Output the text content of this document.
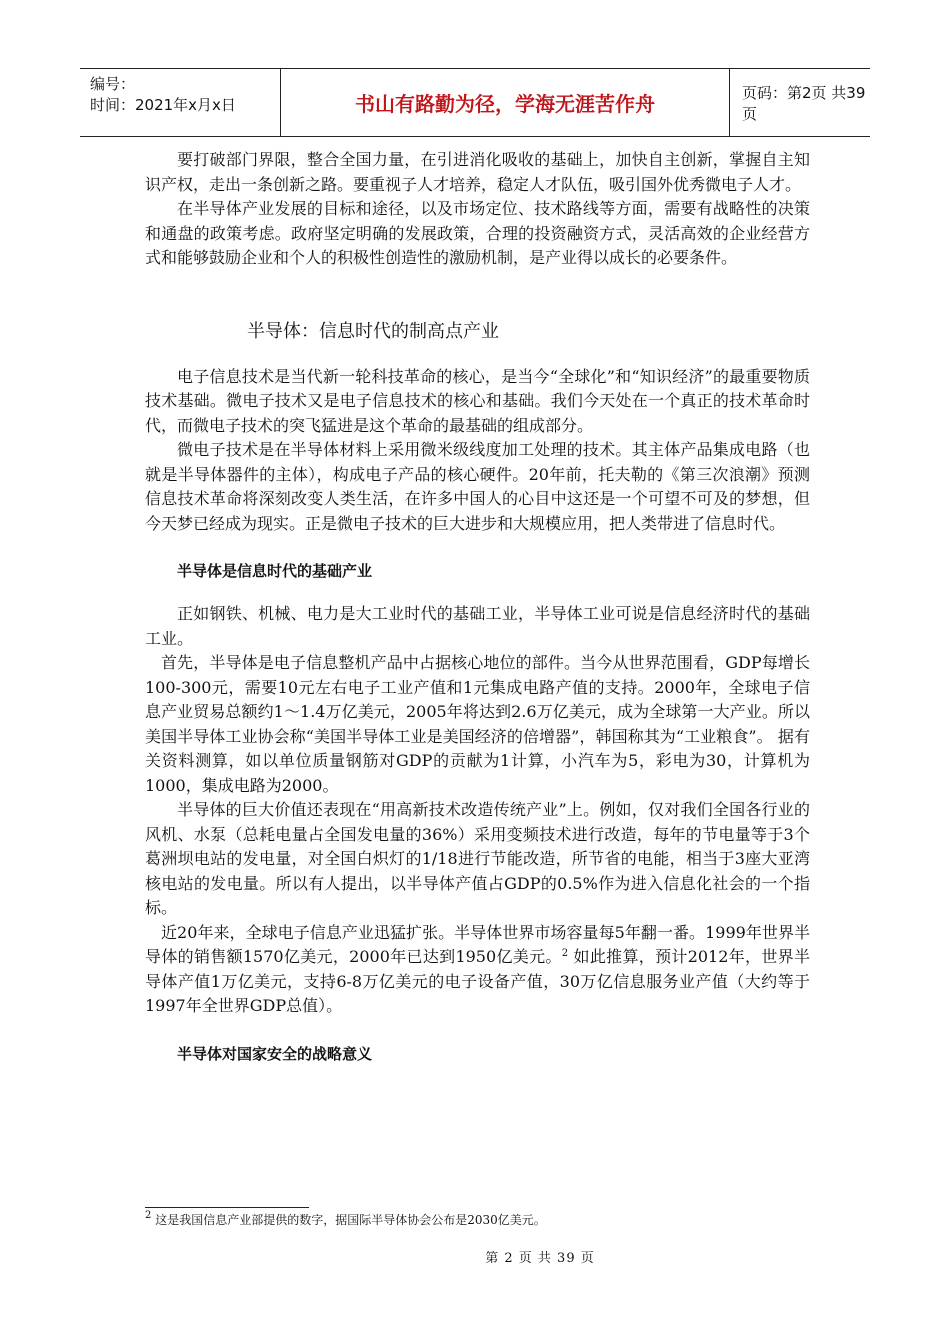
编号：
时间：2021年x月x日	书山有路勤为径，学海无涯苦作舟	页码：第2页 共39页

要打破部门界限，整合全国力量，在引进消化吸收的基础上，加快自主创新，掌握自主知识产权，走出一条创新之路。要重视子人才培养，稳定人才队伍，吸引国外优秀微电子人才。

在半导体产业发展的目标和途径，以及市场定位、技术路线等方面，需要有战略性的决策和通盘的政策考虑。政府坚定明确的发展政策，合理的投资融资方式，灵活高效的企业经营方式和能够鼓励企业和个人的积极性创造性的激励机制，是产业得以成长的必要条件。

半导体：信息时代的制高点产业

电子信息技术是当代新一轮科技革命的核心，是当今“全球化”和“知识经济”的最重要物质技术基础。微电子技术又是电子信息技术的核心和基础。我们今天处在一个真正的技术革命时代，而微电子技术的突飞猛进是这个革命的最基础的组成部分。

微电子技术是在半导体材料上采用微米级线度加工处理的技术。其主体产品集成电路（也就是半导体器件的主体），构成电子产品的核心硬件。20年前，托夫勒的《第三次浪潮》预测信息技术革命将深刻改变人类生活，在许多中国人的心目中这还是一个可望不可及的梦想，但今天梦已经成为现实。正是微电子技术的巨大进步和大规模应用，把人类带进了信息时代。

半导体是信息时代的基础产业

正如钢铁、机械、电力是大工业时代的基础工业，半导体工业可说是信息经济时代的基础工业。

首先，半导体是电子信息整机产品中占据核心地位的部件。当今从世界范围看，GDP每增长100-300元，需要10元左右电子工业产值和1元集成电路产值的支持。2000年，全球电子信息产业贸易总额约1～1.4万亿美元，2005年将达到2.6万亿美元，成为全球第一大产业。所以美国半导体工业协会称“美国半导体工业是美国经济的倍增器”，韩国称其为“工业粮食”。 据有关资料测算，如以单位质量钢筋对GDP的贡献为1计算，小汽车为5，彩电为30，计算机为1000，集成电路为2000。

半导体的巨大价值还表现在“用高新技术改造传统产业”上。例如，仅对我们全国各行业的风机、水泵（总耗电量占全国发电量的36%）采用变频技术进行改造，每年的节电量等于3个葛洲坝电站的发电量，对全国白炽灯的1/18进行节能改造，所节省的电能，相当于3座大亚湾核电站的发电量。所以有人提出，以半导体产值占GDP的0.5%作为进入信息化社会的一个指标。

近20年来，全球电子信息产业迅猛扩张。半导体世界市场容量每5年翻一番。1999年世界半导体的销售额1570亿美元，2000年已达到1950亿美元。$^2$ 如此推算，预计2012年，世界半导体产值1万亿美元，支持6-8万亿美元的电子设备产值，30万亿信息服务业产值（大约等于1997年全世界GDP总值）。

半导体对国家安全的战略意义
$^2$ 这是我国信息产业部提供的数字，据国际半导体协会公布是2030亿美元。
第 2 页 共 39 页
